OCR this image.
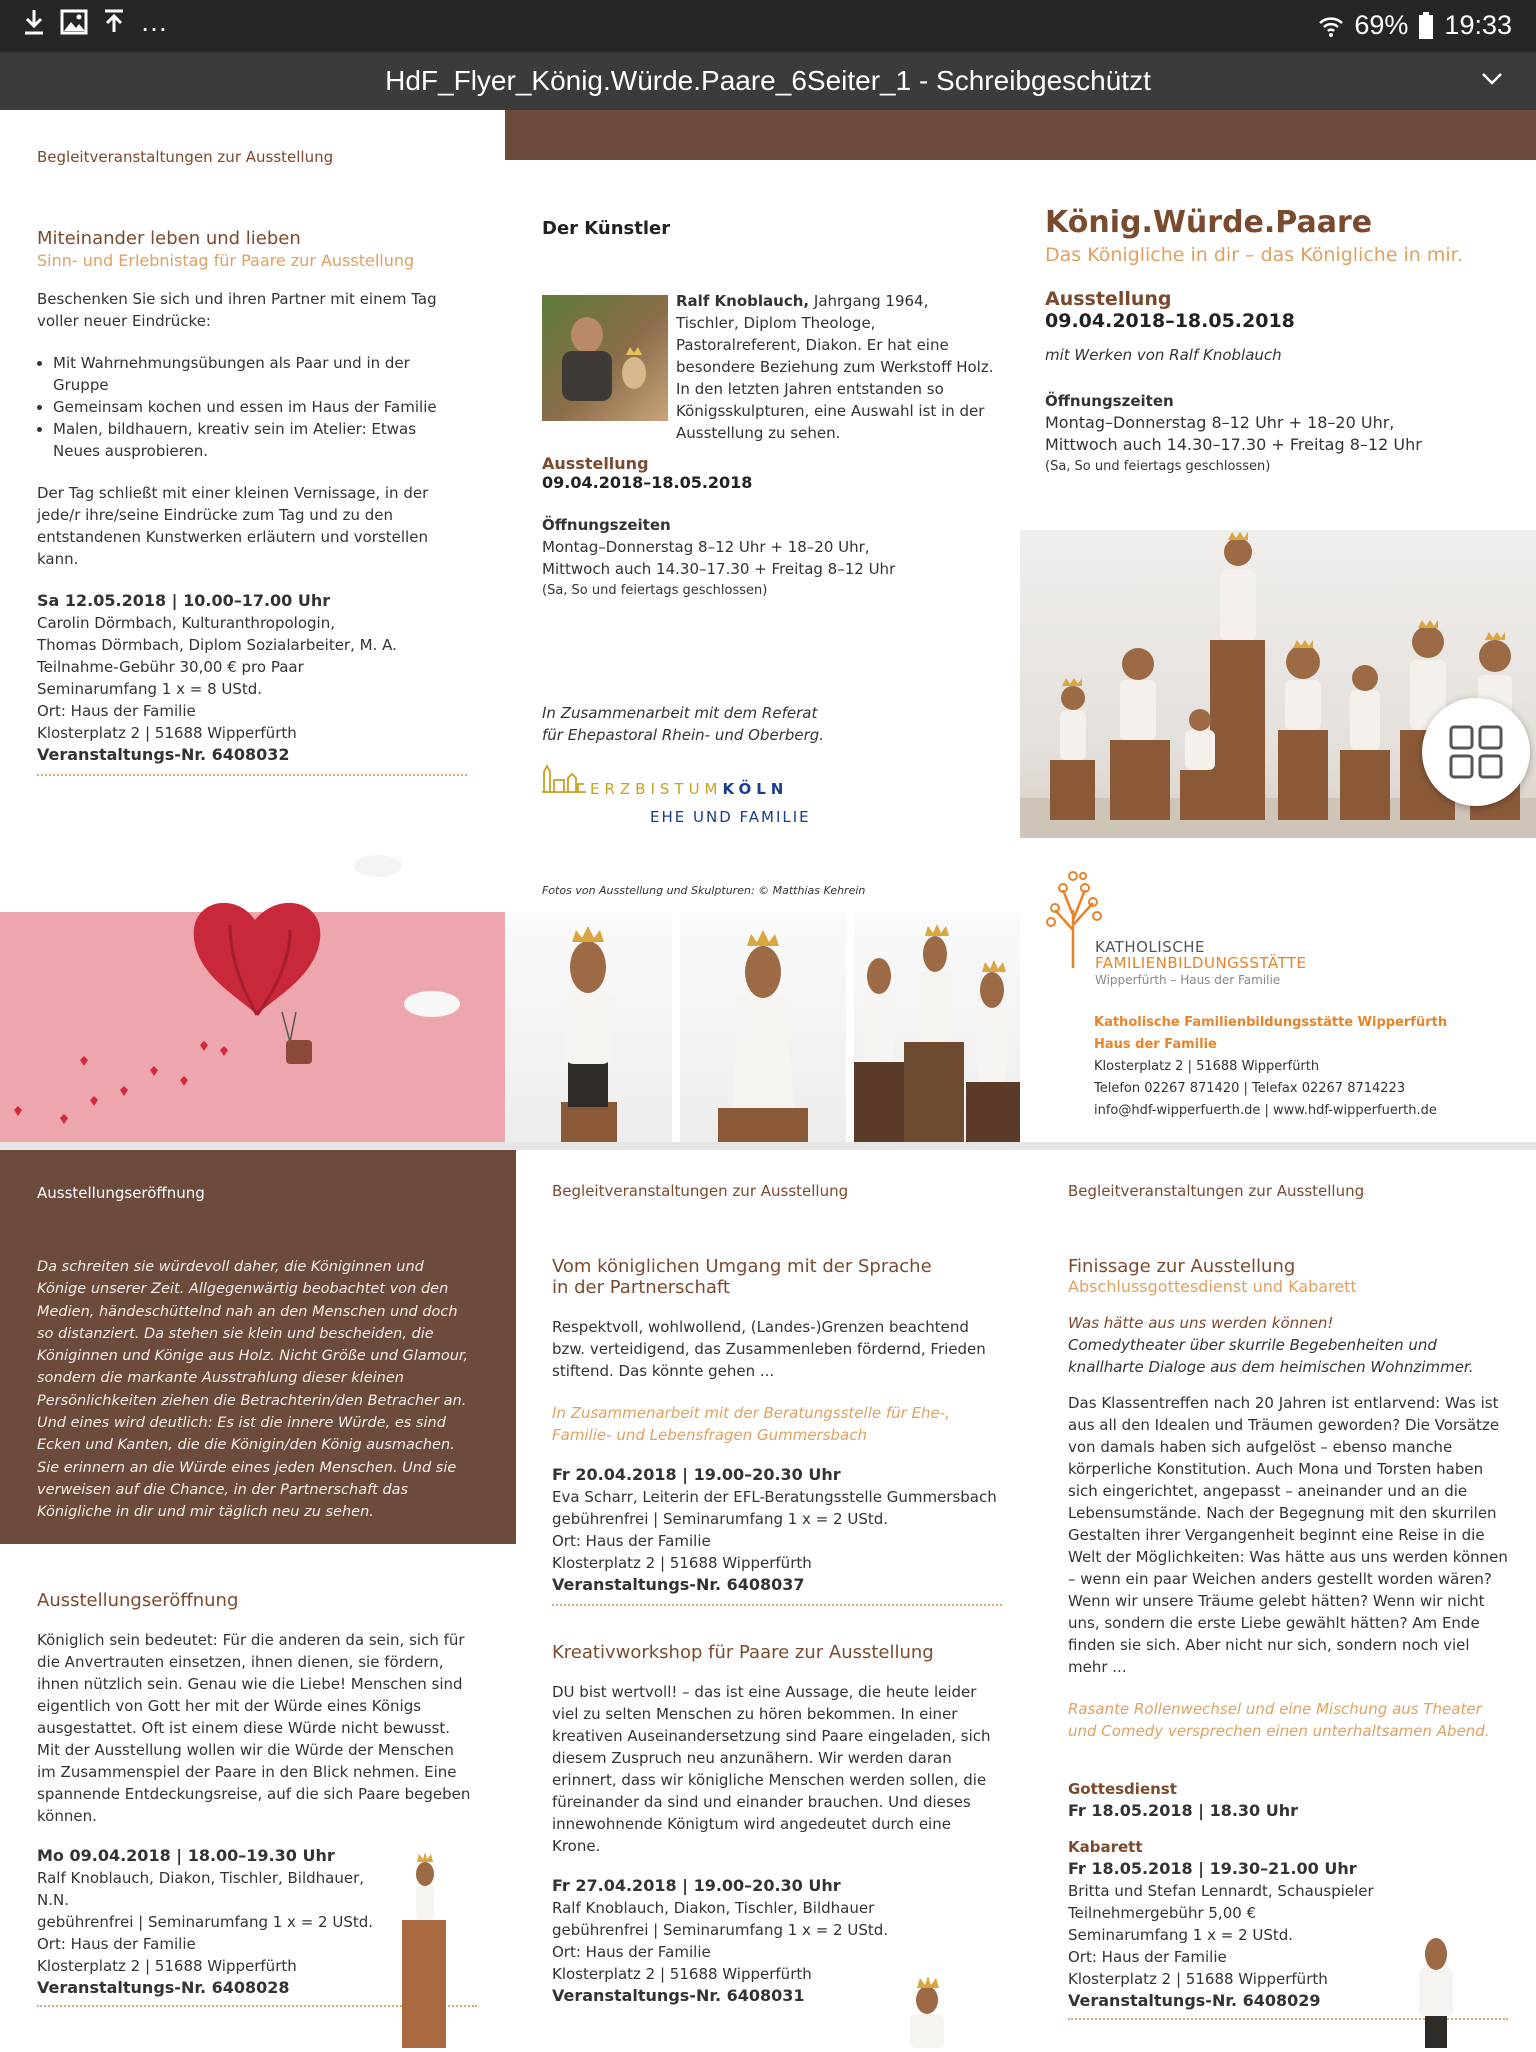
…	69% 19:33
HdF_Flyer_König.Würde.Paare_6Seiter_1 - Schreibgeschützt
Begleitveranstaltungen zur Ausstellung
Miteinander leben und lieben
Sinn- und Erlebnistag für Paare zur Ausstellung

Beschenken Sie sich und ihren Partner mit einem Tag voller neuer Eindrücke:

• Mit Wahrnehmungsübungen als Paar und in der Gruppe
• Gemeinsam kochen und essen im Haus der Familie
• Malen, bildhauern, kreativ sein im Atelier: Etwas Neues ausprobieren.

Der Tag schließt mit einer kleinen Vernissage, in der jede/r ihre/seine Eindrücke zum Tag und zu den entstandenen Kunstwerken erläutern und vorstellen kann.

Sa 12.05.2018 | 10.00–17.00 Uhr
Carolin Dörmbach, Kulturanthropologin,
Thomas Dörmbach, Diplom Sozialarbeiter, M. A.
Teilnahme-Gebühr 30,00 € pro Paar
Seminarumfang 1 x = 8 UStd.
Ort: Haus der Familie
Klosterplatz 2 | 51688 Wipperfürth
Veranstaltungs-Nr. 6408032
Der Künstler
Ralf Knoblauch, Jahrgang 1964, Tischler, Diplom Theologe, Pastoralreferent, Diakon. Er hat eine besondere Beziehung zum Werkstoff Holz. In den letzten Jahren entstanden so Königsskulpturen, eine Auswahl ist in der Ausstellung zu sehen.
Ausstellung
09.04.2018–18.05.2018
Öffnungszeiten
Montag–Donnerstag 8–12 Uhr + 18–20 Uhr,
Mittwoch auch 14.30–17.30 + Freitag 8–12 Uhr
(Sa, So und feiertags geschlossen)
In Zusammenarbeit mit dem Referat
für Ehepastoral Rhein- und Oberberg.
ERZBISTUMKÖLN
EHE UND FAMILIE
Fotos von Ausstellung und Skulpturen: © Matthias Kehrein
König.Würde.Paare
Das Königliche in dir – das Königliche in mir.
Ausstellung
09.04.2018–18.05.2018
mit Werken von Ralf Knoblauch
Öffnungszeiten
Montag–Donnerstag 8–12 Uhr + 18–20 Uhr,
Mittwoch auch 14.30–17.30 + Freitag 8–12 Uhr
(Sa, So und feiertags geschlossen)
KATHOLISCHE
FAMILIENBILDUNGSSTÄTTE
Wipperfürth – Haus der Familie
Katholische Familienbildungsstätte Wipperfürth
Haus der Familie
Klosterplatz 2 | 51688 Wipperfürth
Telefon 02267 871420 | Telefax 02267 8714223
info@hdf-wipperfuerth.de | www.hdf-wipperfuerth.de
Ausstellungseröffnung

Da schreiten sie würdevoll daher, die Königinnen und Könige unserer Zeit. Allgegenwärtig beobachtet von den Medien, händeschüttelnd nah an den Menschen und doch so distanziert. Da stehen sie klein und bescheiden, die Königinnen und Könige aus Holz. Nicht Größe und Glamour, sondern die markante Ausstrahlung dieser kleinen Persönlichkeiten ziehen die Betrachterin/den Betracher an. Und eines wird deutlich: Es ist die innere Würde, es sind Ecken und Kanten, die die Königin/den König ausmachen. Sie erinnern an die Würde eines jeden Menschen. Und sie verweisen auf die Chance, in der Partnerschaft das Königliche in dir und mir täglich neu zu sehen.

Ausstellungseröffnung

Königlich sein bedeutet: Für die anderen da sein, sich für die Anvertrauten einsetzen, ihnen dienen, sie fördern, ihnen nützlich sein. Genau wie die Liebe! Menschen sind eigentlich von Gott her mit der Würde eines Königs ausgestattet. Oft ist einem diese Würde nicht bewusst. Mit der Ausstellung wollen wir die Würde der Menschen im Zusammenspiel der Paare in den Blick nehmen. Eine spannende Entdeckungsreise, auf die sich Paare begeben können.

Mo 09.04.2018 | 18.00–19.30 Uhr
Ralf Knoblauch, Diakon, Tischler, Bildhauer,
N.N.
gebührenfrei | Seminarumfang 1 x = 2 UStd.
Ort: Haus der Familie
Klosterplatz 2 | 51688 Wipperfürth
Veranstaltungs-Nr. 6408028
Begleitveranstaltungen zur Ausstellung
Vom königlichen Umgang mit der Sprache in der Partnerschaft

Respektvoll, wohlwollend, (Landes-)Grenzen beachtend bzw. verteidigend, das Zusammenleben fördernd, Frieden stiftend. Das könnte gehen ...

In Zusammenarbeit mit der Beratungsstelle für Ehe-, Familie- und Lebensfragen Gummersbach

Fr 20.04.2018 | 19.00–20.30 Uhr
Eva Scharr, Leiterin der EFL-Beratungsstelle Gummersbach
gebührenfrei | Seminarumfang 1 x = 2 UStd.
Ort: Haus der Familie
Klosterplatz 2 | 51688 Wipperfürth
Veranstaltungs-Nr. 6408037
Kreativworkshop für Paare zur Ausstellung

DU bist wertvoll! – das ist eine Aussage, die heute leider viel zu selten Menschen zu hören bekommen. In einer kreativen Auseinandersetzung sind Paare eingeladen, sich diesem Zuspruch neu anzunähern. Wir werden daran erinnert, dass wir königliche Menschen werden sollen, die füreinander da sind und einander brauchen. Und dieses innewohnende Königtum wird angedeutet durch eine Krone.

Fr 27.04.2018 | 19.00–20.30 Uhr
Ralf Knoblauch, Diakon, Tischler, Bildhauer
gebührenfrei | Seminarumfang 1 x = 2 UStd.
Ort: Haus der Familie
Klosterplatz 2 | 51688 Wipperfürth
Veranstaltungs-Nr. 6408031
Begleitveranstaltungen zur Ausstellung
Finissage zur Ausstellung
Abschlussgottesdienst und Kabarett

Was hätte aus uns werden können!

Comedytheater über skurrile Begebenheiten und knallharte Dialoge aus dem heimischen Wohnzimmer.

Das Klassentreffen nach 20 Jahren ist entlarvend: Was ist aus all den Idealen und Träumen geworden? Die Vorsätze von damals haben sich aufgelöst – ebenso manche körperliche Konstitution. Auch Mona und Torsten haben sich eingerichtet, angepasst – aneinander und an die Lebensumstände. Nach der Begegnung mit den skurrilen Gestalten ihrer Vergangenheit beginnt eine Reise in die Welt der Möglichkeiten: Was hätte aus uns werden können – wenn ein paar Weichen anders gestellt worden wären? Wenn wir unsere Träume gelebt hätten? Wenn wir nicht uns, sondern die erste Liebe gewählt hätten? Am Ende finden sie sich. Aber nicht nur sich, sondern noch viel mehr ...

Rasante Rollenwechsel und eine Mischung aus Theater und Comedy versprechen einen unterhaltsamen Abend.

Gottesdienst
Fr 18.05.2018 | 18.30 Uhr
Kabarett
Fr 18.05.2018 | 19.30–21.00 Uhr
Britta und Stefan Lennardt, Schauspieler
Teilnehmergebühr 5,00 €
Seminarumfang 1 x = 2 UStd.
Ort: Haus der Familie
Klosterplatz 2 | 51688 Wipperfürth
Veranstaltungs-Nr. 6408029
